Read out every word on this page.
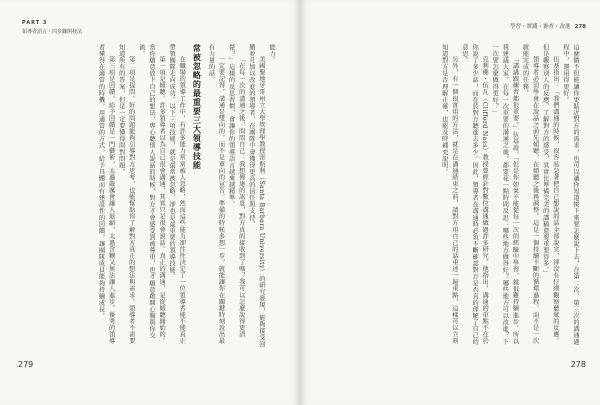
PART 3
領導者語言・四步驟開發法

能力。

美國聖地牙哥州立大學管理學教授雷斯利（Santa Barbara University）的研究發現，能夠接受回饋並且加以改進的領導者，在團隊中會獲得更高的信任與支持。

「在每一次的溝通之後，問問自己：我想傳達的訊息，對方真的接收到了嗎？我可以怎麼說得更清楚？」這樣的反思習慣，會讓你的領導語言越來越精準。

一定要記得，溝通是雙向的，而不是單向的宣告。準備的時候多想一步，就能讓你在關鍵時刻說出最有力量的話。

常被忽略的最重要三大領導技能

在職場的領導工作中，有許多能力常常被人忽略，然而這些能力卻往往決定了一位領導者能不能真正帶領團隊走向成功。以下三項技能，就是最常被忽略、卻也是最重要的領導技能。

第一項是傾聽。許多領導者以為自己很會溝通，其實只是很會說話。真正的溝通，是從傾聽開始的。當你願意放下自己的想法，專心聽別人說話的時候，對方才會感受到被尊重，也才願意敞開心胸與你交流。

第二項是提問。好的問題能夠引導對方思考，也能幫助你了解對方真正的想法與需求。領導者不需要知道所有的答案，但是一定要懂得問對問題。

第三項是回饋。給予回饋是一門藝術，太過嚴厲會讓人退縮，太過含糊又無法讓人進步。優秀的領導者懂得在適當的時機，用適當的方式，給予具體而有建設性的回饋，讓團隊成員能夠持續成長。

279
學習・實踐・審查・改進 278

這麼做不但能讓你更貼近對方的需求，也可以讓你知道接下來要怎麼說下去，在第二次、第三次的溝通過程中，運用得更好。

伍基指出：「我們溝通的時候，很容易急著把自己想說的話全部說完，卻沒有仔細觀察聽眾的反應。但是觀察別人的反應、了解對方的感受，其實比準備完美的講稿還要重要得多。」

領導者必須學會在說話之前先傾聽，在傾聽之後再調整。這是一個持續不斷的循環過程，而不是一次就能完成的任務。

「講講跟練習都很重要，」伍基說，「但是你如果不能從每一次的經驗中學習，就很難持續進步。所以我建議大家，在每一次重要的溝通之後，都要花一點時間反思：哪些地方做得好？哪些地方可以改進？下一次要怎麼做得更好？」

克利佛・伍瓦（Clifford Nass）教授曾經針對數位溝通做過許多研究。他指出，溝通的重點不在於你說了多少話，而在於對方聽進去多少。因此，領導者在溝通時必須不斷確認對方是否真的理解了自己的意思。

另外，有一個很實用的方法，就是在溝通結束之前，請對方用自己的話重述一遍重點，這樣可以立刻知道對方是否理解正確，也能及時補充說明。

278
